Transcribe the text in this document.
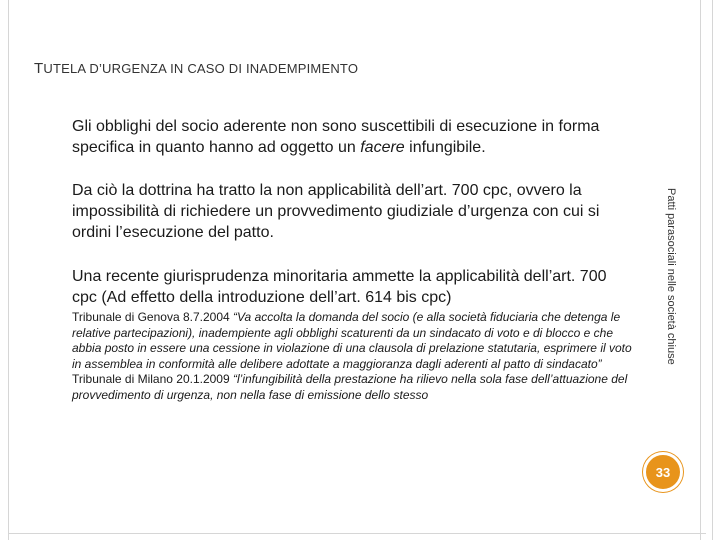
TUTELA D’URGENZA IN CASO DI INADEMPIMENTO

Gli obblighi del socio aderente non sono suscettibili di esecuzione in forma specifica in quanto hanno ad oggetto un facere infungibile.

Da ciò la dottrina ha tratto la non applicabilità dell’art. 700 cpc, ovvero la impossibilità di richiedere un provvedimento giudiziale d’urgenza con cui si ordini l’esecuzione del patto.

Una recente giurisprudenza minoritaria ammette la applicabilità dell’art. 700 cpc (Ad effetto della introduzione dell’art. 614 bis cpc)

Tribunale di Genova 8.7.2004 “Va accolta la domanda del socio (e alla società fiduciaria che detenga le relative partecipazioni), inadempiente agli obblighi scaturenti da un sindacato di voto e di blocco e che abbia posto in essere una cessione in violazione di una clausola di prelazione statutaria, esprimere il voto in assemblea in conformità alle delibere adottate a maggioranza dagli aderenti al patto di sindacato”
Tribunale di Milano 20.1.2009 “l’infungibilità della prestazione ha rilievo nella sola fase dell’attuazione del provvedimento di urgenza, non nella fase di emissione dello stesso

Patti parasociali nelle società chiuse
33
